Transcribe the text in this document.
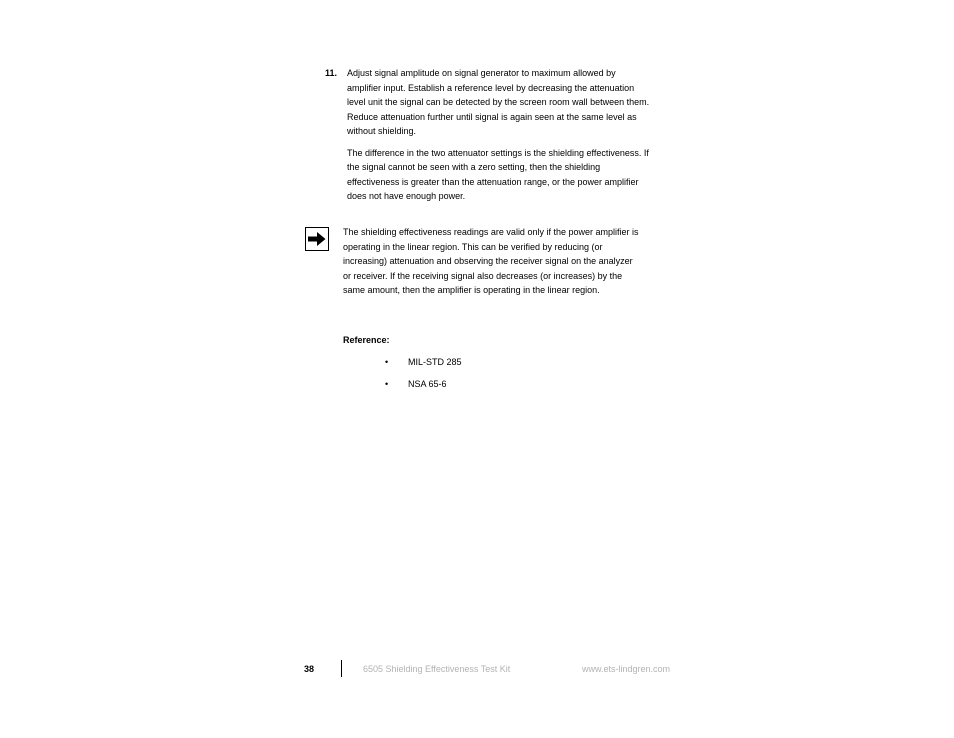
11. Adjust signal amplitude on signal generator to maximum allowed by amplifier input. Establish a reference level by decreasing the attenuation level unit the signal can be detected by the screen room wall between them. Reduce attenuation further until signal is again seen at the same level as without shielding.

The difference in the two attenuator settings is the shielding effectiveness. If the signal cannot be seen with a zero setting, then the shielding effectiveness is greater than the attenuation range, or the power amplifier does not have enough power.

The shielding effectiveness readings are valid only if the power amplifier is operating in the linear region. This can be verified by reducing (or increasing) attenuation and observing the receiver signal on the analyzer or receiver. If the receiving signal also decreases (or increases) by the same amount, then the amplifier is operating in the linear region.

Reference:

• MIL-STD 285
• NSA 65-6
38	6505 Shielding Effectiveness Test Kit	www.ets-lindgren.com
